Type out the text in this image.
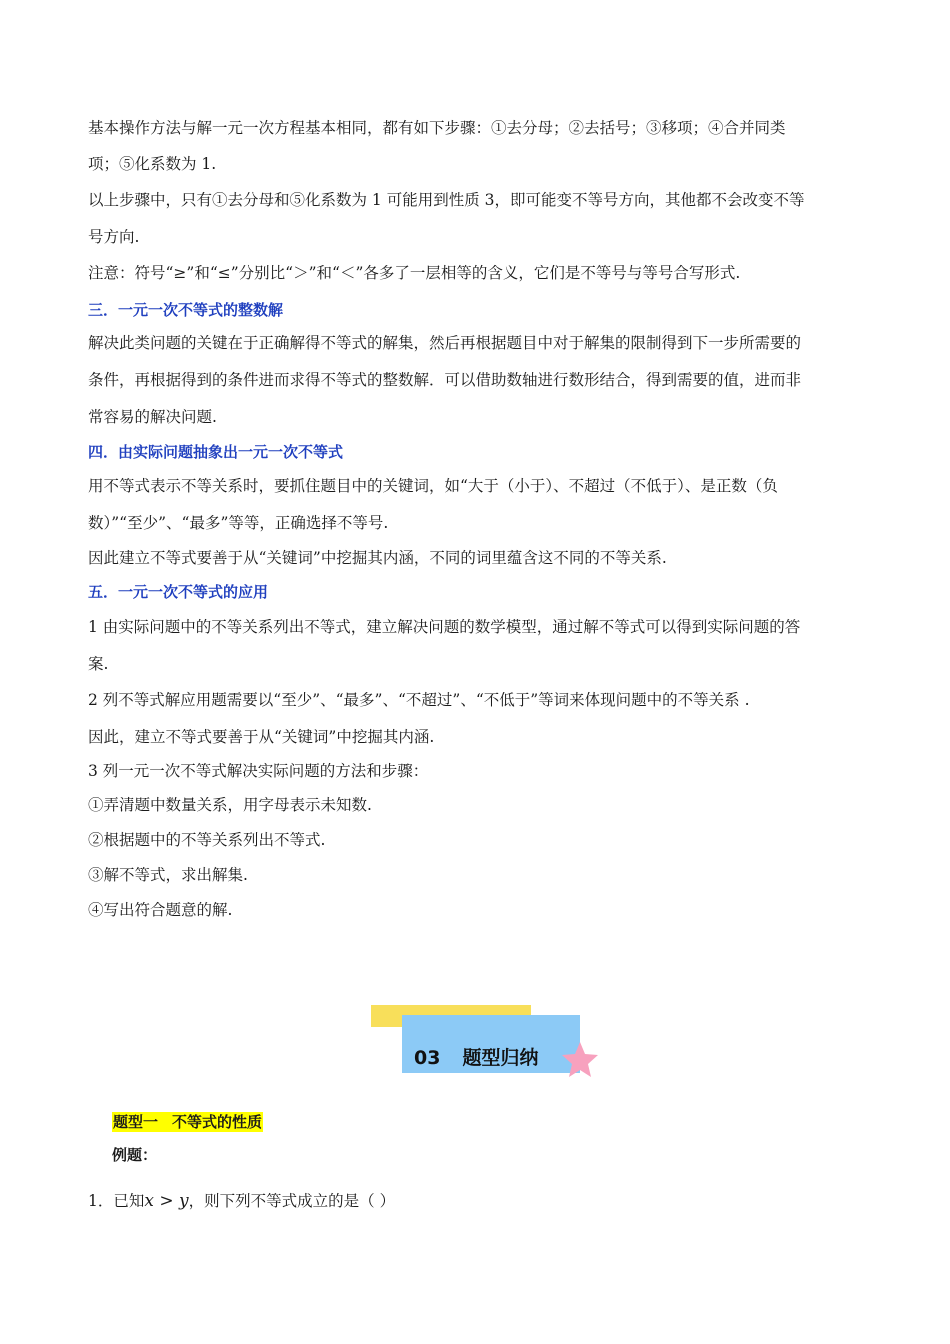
基本操作方法与解一元一次方程基本相同，都有如下步骤：①去分母；②去括号；③移项；④合并同类
项；⑤化系数为 1.
以上步骤中，只有①去分母和⑤化系数为 1 可能用到性质 3，即可能变不等号方向，其他都不会改变不等
号方向.
注意：符号“≥”和“≤”分别比“＞”和“＜”各多了一层相等的含义，它们是不等号与等号合写形式.
三．一元一次不等式的整数解
解决此类问题的关键在于正确解得不等式的解集，然后再根据题目中对于解集的限制得到下一步所需要的
条件，再根据得到的条件进而求得不等式的整数解．可以借助数轴进行数形结合，得到需要的值，进而非
常容易的解决问题.
四．由实际问题抽象出一元一次不等式
用不等式表示不等关系时，要抓住题目中的关键词，如“大于（小于）、不超过（不低于）、是正数（负
数）”“至少”、“最多”等等，正确选择不等号.
因此建立不等式要善于从“关键词”中挖掘其内涵，不同的词里蕴含这不同的不等关系.
五．一元一次不等式的应用
1 由实际问题中的不等关系列出不等式，建立解决问题的数学模型，通过解不等式可以得到实际问题的答
案.
2 列不等式解应用题需要以“至少”、“最多”、“不超过”、“不低于”等词来体现问题中的不等关系 .
因此，建立不等式要善于从“关键词”中挖掘其内涵.
3 列一元一次不等式解决实际问题的方法和步骤：
①弄清题中数量关系，用字母表示未知数.
②根据题中的不等关系列出不等式.
③解不等式，求出解集.
④写出符合题意的解.
03 题型归纳
题型一 不等式的性质
例题：
1．已知x > y，则下列不等式成立的是（ ）
